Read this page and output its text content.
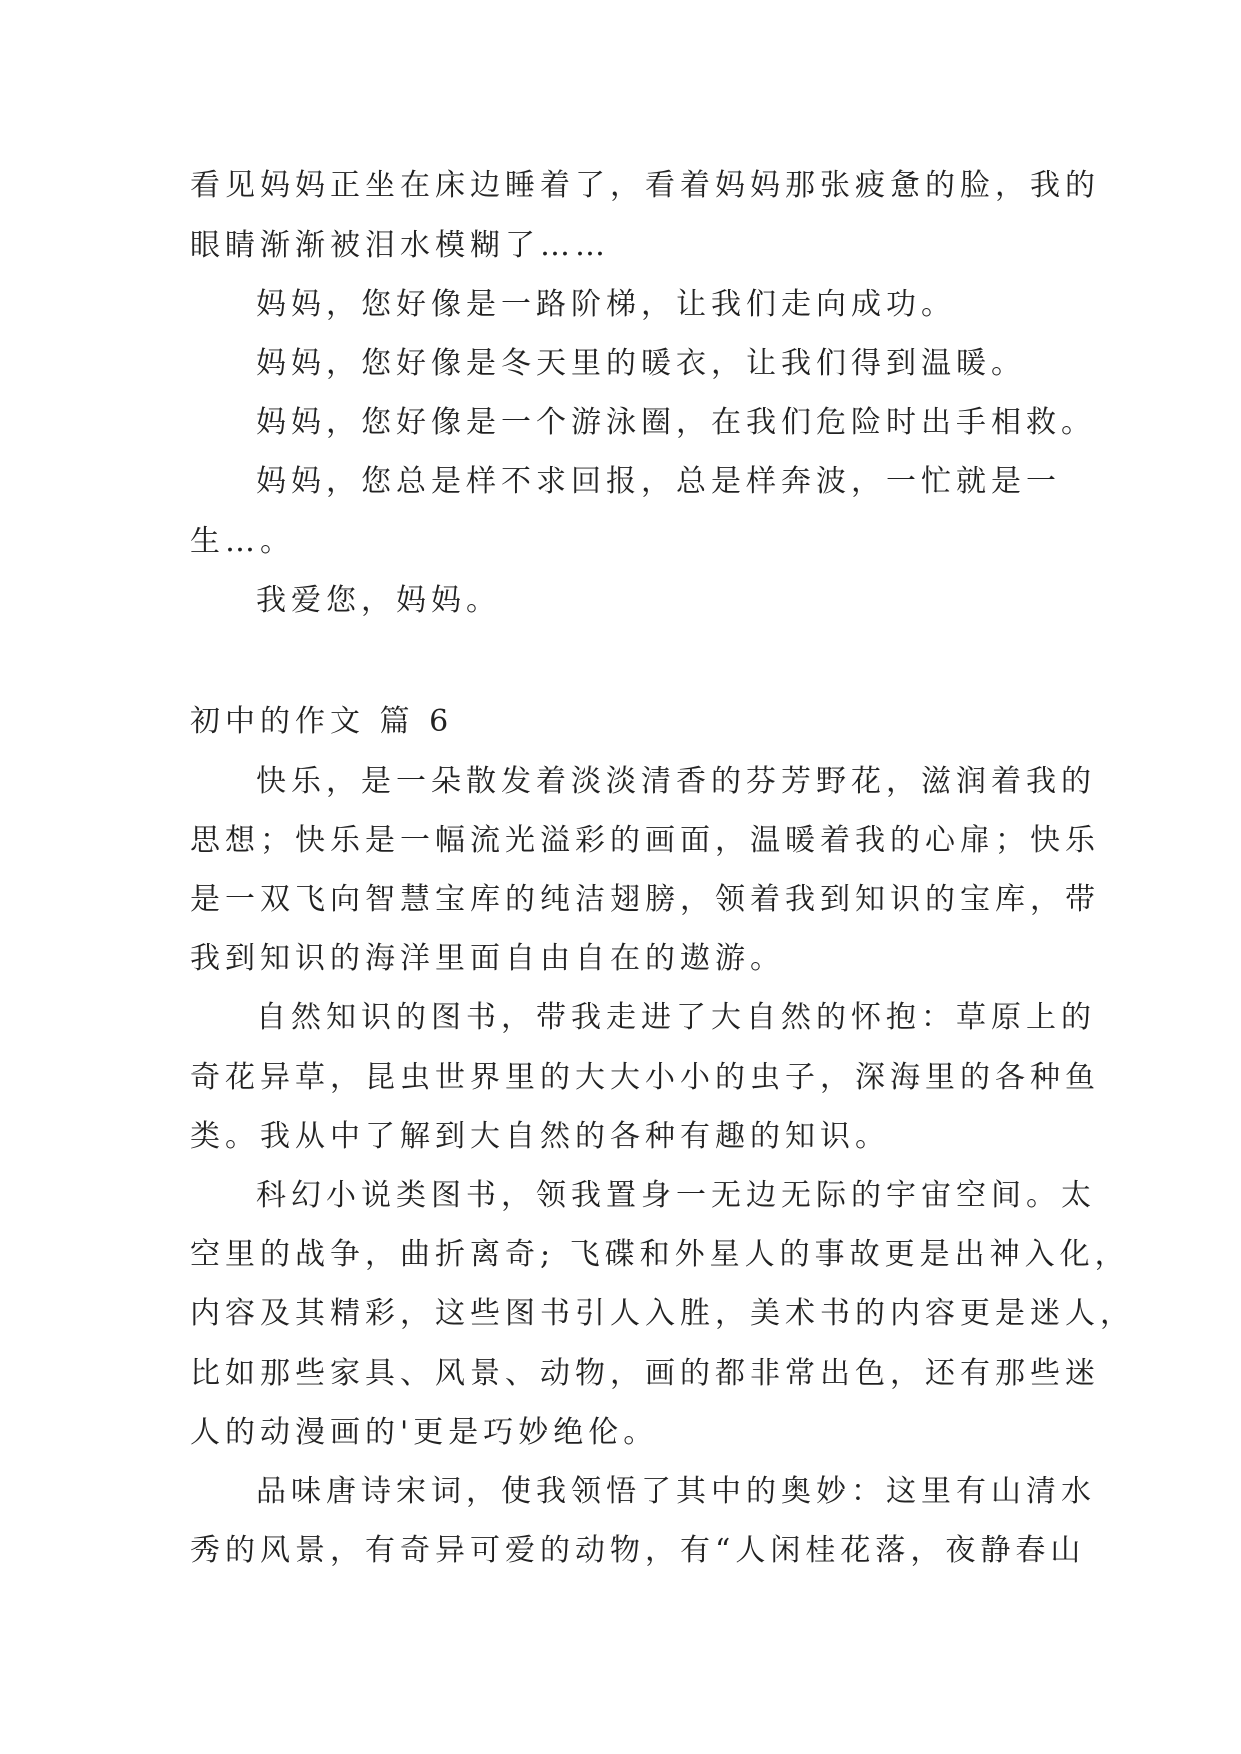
看见妈妈正坐在床边睡着了，看着妈妈那张疲惫的脸，我的
眼睛渐渐被泪水模糊了……
妈妈，您好像是一路阶梯，让我们走向成功。
妈妈，您好像是冬天里的暖衣，让我们得到温暖。
妈妈，您好像是一个游泳圈，在我们危险时出手相救。
妈妈，您总是样不求回报，总是样奔波，一忙就是一
生…。
我爱您，妈妈。
初中的作文 篇 6
快乐，是一朵散发着淡淡清香的芬芳野花，滋润着我的
思想；快乐是一幅流光溢彩的画面，温暖着我的心扉；快乐
是一双飞向智慧宝库的纯洁翅膀，领着我到知识的宝库，带
我到知识的海洋里面自由自在的遨游。
自然知识的图书，带我走进了大自然的怀抱：草原上的
奇花异草，昆虫世界里的大大小小的虫子，深海里的各种鱼
类。我从中了解到大自然的各种有趣的知识。
科幻小说类图书，领我置身一无边无际的宇宙空间。太
空里的战争，曲折离奇; 飞碟和外星人的事故更是出神入化，
内容及其精彩，这些图书引人入胜，美术书的内容更是迷人，
比如那些家具、风景、动物，画的都非常出色，还有那些迷
人的动漫画的'更是巧妙绝伦。
品味唐诗宋词，使我领悟了其中的奥妙：这里有山清水
秀的风景，有奇异可爱的动物，有“人闲桂花落，夜静春山
